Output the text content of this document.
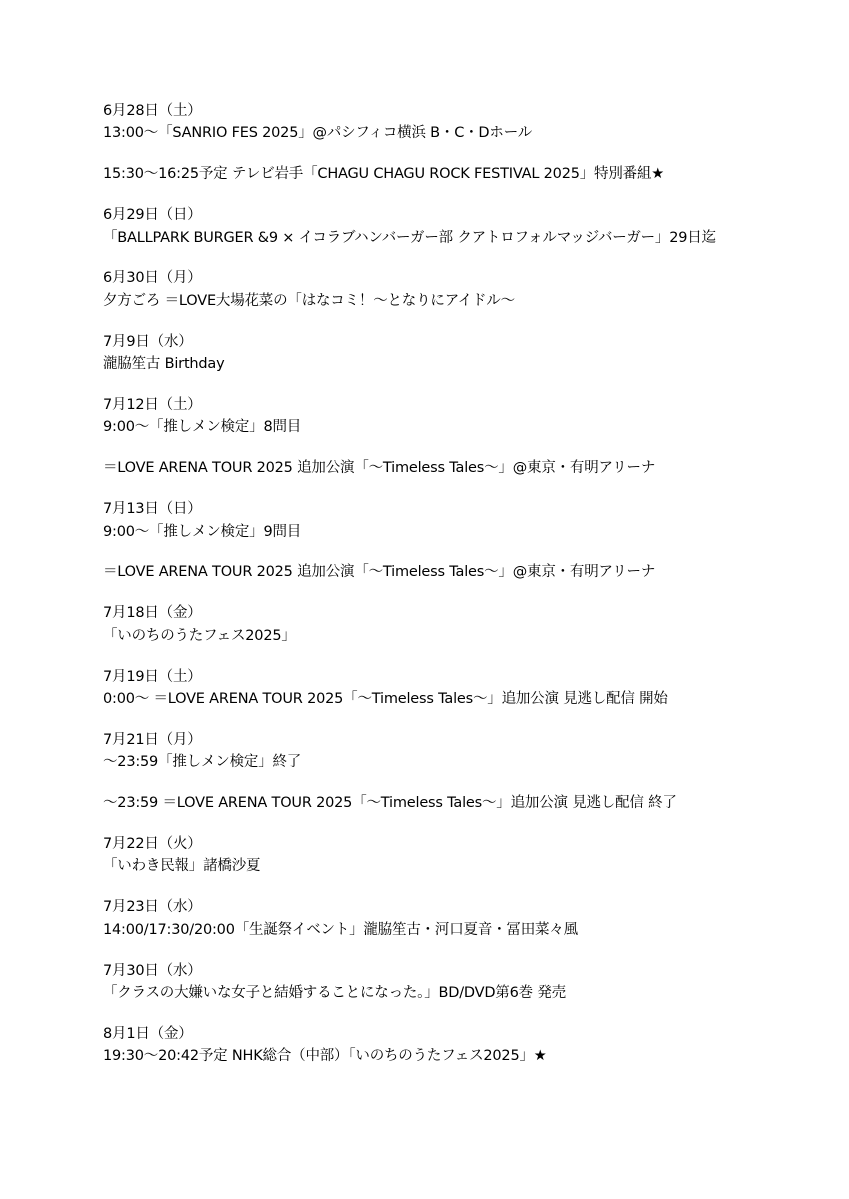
6月28日（土）
13:00～「SANRIO FES 2025」@パシフィコ横浜 B・C・Dホール
15:30～16:25予定 テレビ岩手「CHAGU CHAGU ROCK FESTIVAL 2025」特別番組★
6月29日（日）
「BALLPARK BURGER &9 × イコラブハンバーガー部 クアトロフォルマッジバーガー」29日迄
6月30日（月）
夕方ごろ ＝LOVE大場花菜の「はなコミ！～となりにアイドル～
7月9日（水）
瀧脇笙古 Birthday
7月12日（土）
9:00～「推しメン検定」8問目
＝LOVE ARENA TOUR 2025 追加公演「～Timeless Tales～」@東京・有明アリーナ
7月13日（日）
9:00～「推しメン検定」9問目
＝LOVE ARENA TOUR 2025 追加公演「～Timeless Tales～」@東京・有明アリーナ
7月18日（金）
「いのちのうたフェス2025」
7月19日（土）
0:00～ ＝LOVE ARENA TOUR 2025「～Timeless Tales～」追加公演 見逃し配信 開始
7月21日（月）
～23:59「推しメン検定」終了
～23:59 ＝LOVE ARENA TOUR 2025「～Timeless Tales～」追加公演 見逃し配信 終了
7月22日（火）
「いわき民報」諸橋沙夏
7月23日（水）
14:00/17:30/20:00「生誕祭イベント」瀧脇笙古・河口夏音・冨田菜々風
7月30日（水）
「クラスの大嫌いな女子と結婚することになった。」BD/DVD第6巻 発売
8月1日（金）
19:30～20:42予定 NHK総合（中部）「いのちのうたフェス2025」★
